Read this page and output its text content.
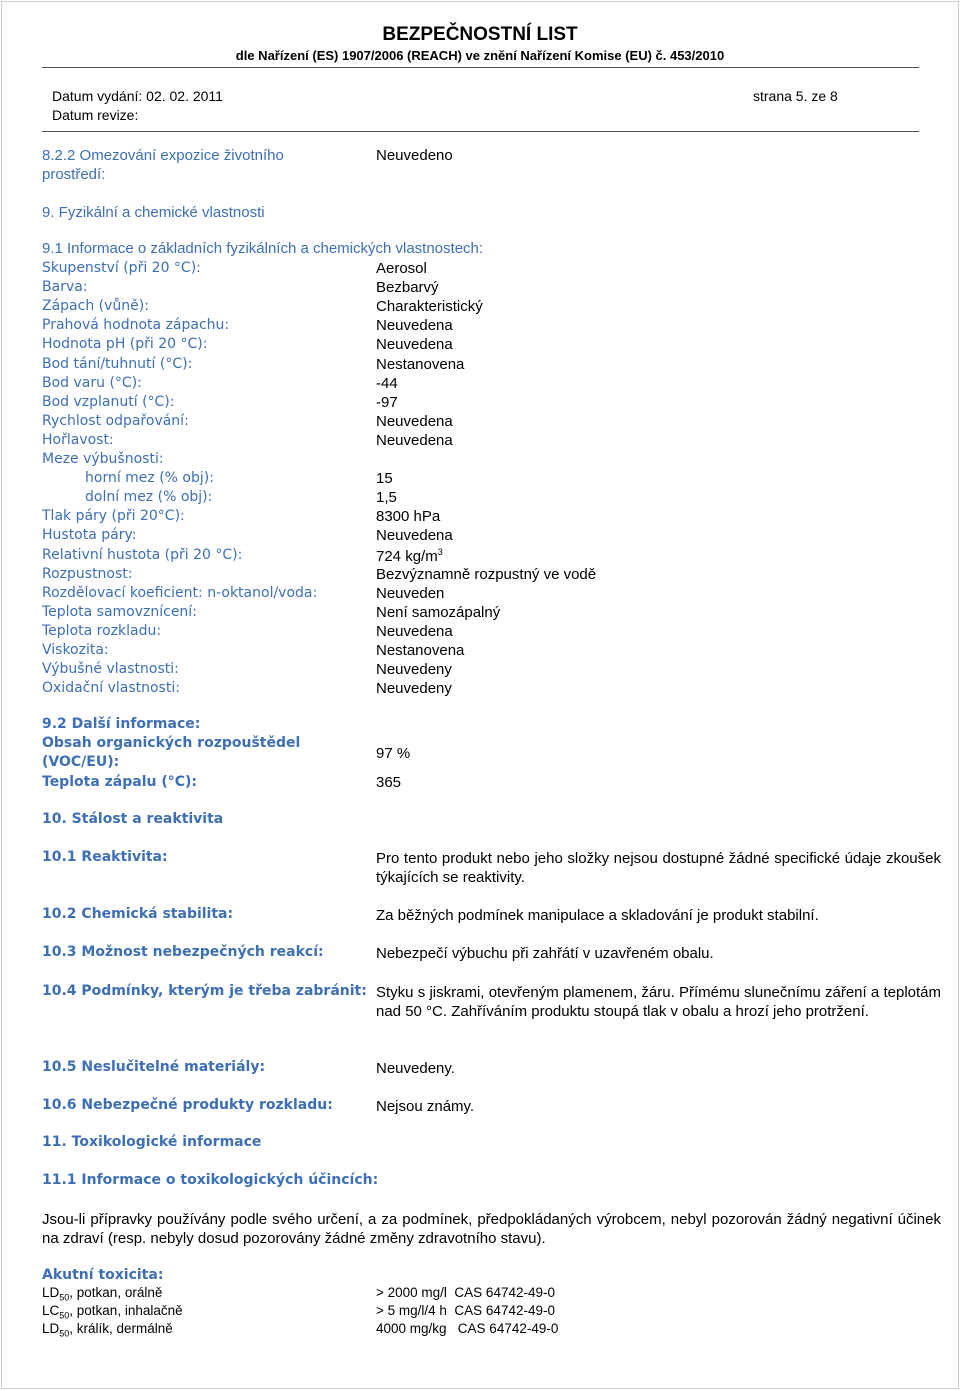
BEZPEČNOSTNÍ LIST
dle Nařízení (ES) 1907/2006 (REACH) ve znění Nařízení Komise (EU) č. 453/2010
Datum vydání: 02. 02. 2011	strana 5. ze 8
Datum revize:
8.2.2 Omezování expozice životního
prostředí:
Neuvedeno
9. Fyzikální a chemické vlastnosti
9.1 Informace o základních fyzikálních a chemických vlastnostech:
Skupenství (při 20 °C):	Aerosol
Barva:	Bezbarvý
Zápach (vůně):	Charakteristický
Prahová hodnota zápachu:	Neuvedena
Hodnota pH (při 20 °C):	Neuvedena
Bod tání/tuhnutí (°C):	Nestanovena
Bod varu (°C):	-44
Bod vzplanutí (°C):	-97
Rychlost odpařování:	Neuvedena
Hořlavost:	Neuvedena
Meze výbušnosti:
horní mez (% obj):	15
dolní mez (% obj):	1,5
Tlak páry (při 20°C):	8300 hPa
Hustota páry:	Neuvedena
Relativní hustota (při 20 °C):	724 $kg/m^3$
Rozpustnost:	Bezvýznamně rozpustný ve vodě
Rozdělovací koeficient: n-oktanol/voda:	Neuveden
Teplota samovznícení:	Není samozápalný
Teplota rozkladu:	Neuvedena
Viskozita:	Nestanovena
Výbušné vlastnosti:	Neuvedeny
Oxidační vlastnosti:	Neuvedeny
9.2 Další informace:
Obsah organických rozpouštědel
(VOC/EU):	97 %
Teplota zápalu (°C):	365
10. Stálost a reaktivita
10.1 Reaktivita:	Pro tento produkt nebo jeho složky nejsou dostupné žádné specifické údaje zkoušek týkajících se reaktivity.
10.2 Chemická stabilita:	Za běžných podmínek manipulace a skladování je produkt stabilní.
10.3 Možnost nebezpečných reakcí:	Nebezpečí výbuchu při zahřátí v uzavřeném obalu.
10.4 Podmínky, kterým je třeba zabránit: Styku s jiskrami, otevřeným plamenem, žáru. Přímému slunečnímu záření a teplotám nad 50 °C. Zahříváním produktu stoupá tlak v obalu a hrozí jeho protržení.
10.5 Neslučitelné materiály:	Neuvedeny.
10.6 Nebezpečné produkty rozkladu:	Nejsou známy.
11. Toxikologické informace
11.1 Informace o toxikologických účincích:
Jsou-li přípravky používány podle svého určení, a za podmínek, předpokládaných výrobcem, nebyl pozorován žádný negativní účinek na zdraví (resp. nebyly dosud pozorovány žádné změny zdravotního stavu).
Akutní toxicita:
$LD_{50}$, potkan, orálně	> 2000 mg/l  CAS 64742-49-0
$LC_{50}$, potkan, inhalačně	> 5 mg/l/4 h  CAS 64742-49-0
$LD_{50}$, králík, dermálně	4000 mg/kg   CAS 64742-49-0
